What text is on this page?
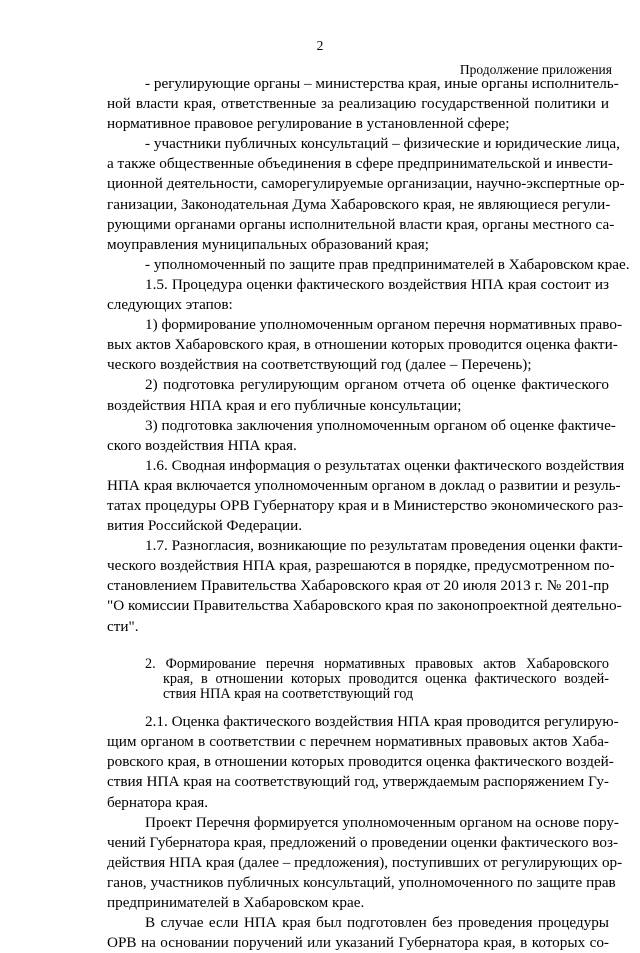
2
Продолжение приложения
- регулирующие органы – министерства края, иные органы исполнитель-
ной власти края, ответственные за реализацию государственной политики и
нормативное правовое регулирование в установленной сфере;
- участники публичных консультаций – физические и юридические лица,
а также общественные объединения в сфере предпринимательской и инвести-
ционной деятельности, саморегулируемые организации, научно-экспертные ор-
ганизации, Законодательная Дума Хабаровского края, не являющиеся регули-
рующими органами органы исполнительной власти края, органы местного са-
моуправления муниципальных образований края;
- уполномоченный по защите прав предпринимателей в Хабаровском крае.
1.5. Процедура оценки фактического воздействия НПА края состоит из
следующих этапов:
1) формирование уполномоченным органом перечня нормативных право-
вых актов Хабаровского края, в отношении которых проводится оценка факти-
ческого воздействия на соответствующий год (далее – Перечень);
2) подготовка регулирующим органом отчета об оценке фактического
воздействия НПА края и его публичные консультации;
3) подготовка заключения уполномоченным органом об оценке фактиче-
ского воздействия НПА края.
1.6. Сводная информация о результатах оценки фактического воздействия
НПА края включается уполномоченным органом в доклад о развитии и резуль-
татах процедуры ОРВ Губернатору края и в Министерство экономического раз-
вития Российской Федерации.
1.7. Разногласия, возникающие по результатам проведения оценки факти-
ческого воздействия НПА края, разрешаются в порядке, предусмотренном по-
становлением Правительства Хабаровского края от 20 июля 2013 г. № 201-пр
"О комиссии Правительства Хабаровского края по законопроектной деятельно-
сти".
2. Формирование перечня нормативных правовых актов Хабаровского
края, в отношении которых проводится оценка фактического воздей-
ствия НПА края на соответствующий год
2.1. Оценка фактического воздействия НПА края проводится регулирую-
щим органом в соответствии с перечнем нормативных правовых актов Хаба-
ровского края, в отношении которых проводится оценка фактического воздей-
ствия НПА края на соответствующий год, утверждаемым распоряжением Гу-
бернатора края.
Проект Перечня формируется уполномоченным органом на основе пору-
чений Губернатора края, предложений о проведении оценки фактического воз-
действия НПА края (далее – предложения), поступивших от регулирующих ор-
ганов, участников публичных консультаций, уполномоченного по защите прав
предпринимателей в Хабаровском крае.
В случае если НПА края был подготовлен без проведения процедуры
ОРВ на основании поручений или указаний Губернатора края, в которых со-
